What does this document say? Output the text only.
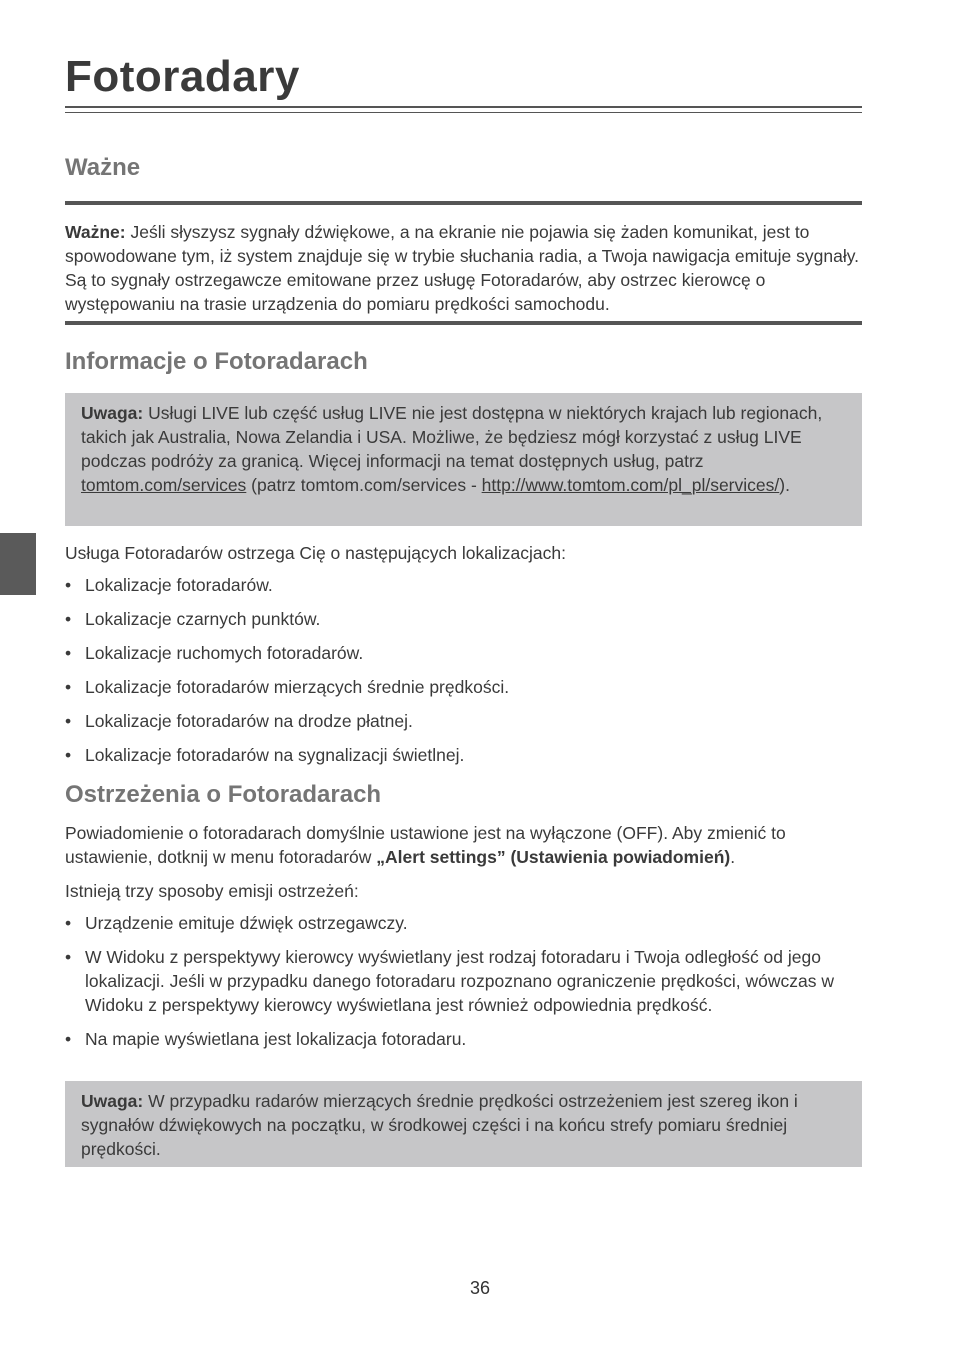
Fotoradary
Ważne

Ważne: Jeśli słyszysz sygnały dźwiękowe, a na ekranie nie pojawia się żaden komunikat, jest to spowodowane tym, iż system znajduje się w trybie słuchania radia, a Twoja nawigacja emituje sygnały. Są to sygnały ostrzegawcze emitowane przez usługę Fotoradarów, aby ostrzec kierowcę o występowaniu na trasie urządzenia do pomiaru prędkości samochodu.

Informacje o Fotoradarach
Uwaga: Usługi LIVE lub część usług LIVE nie jest dostępna w niektórych krajach lub regionach, takich jak Australia, Nowa Zelandia i USA. Możliwe, że będziesz mógł korzystać z usług LIVE podczas podróży za granicą. Więcej informacji na temat dostępnych usług, patrz tomtom.com/services (patrz tomtom.com/services - http://www.tomtom.com/pl_pl/services/).

Usługa Fotoradarów ostrzega Cię o następujących lokalizacjach:

• Lokalizacje fotoradarów.
• Lokalizacje czarnych punktów.
• Lokalizacje ruchomych fotoradarów.
• Lokalizacje fotoradarów mierzących średnie prędkości.
• Lokalizacje fotoradarów na drodze płatnej.
• Lokalizacje fotoradarów na sygnalizacji świetlnej.
Ostrzeżenia o Fotoradarach

Powiadomienie o fotoradarach domyślnie ustawione jest na wyłączone (OFF). Aby zmienić to ustawienie, dotknij w menu fotoradarów „Alert settings” (Ustawienia powiadomień).

Istnieją trzy sposoby emisji ostrzeżeń:

• Urządzenie emituje dźwięk ostrzegawczy.
• W Widoku z perspektywy kierowcy wyświetlany jest rodzaj fotoradaru i Twoja odległość od jego lokalizacji. Jeśli w przypadku danego fotoradaru rozpoznano ograniczenie prędkości, wówczas w Widoku z perspektywy kierowcy wyświetlana jest również odpowiednia prędkość.
• Na mapie wyświetlana jest lokalizacja fotoradaru.
Uwaga: W przypadku radarów mierzących średnie prędkości ostrzeżeniem jest szereg ikon i sygnałów dźwiękowych na początku, w środkowej części i na końcu strefy pomiaru średniej prędkości.
36
